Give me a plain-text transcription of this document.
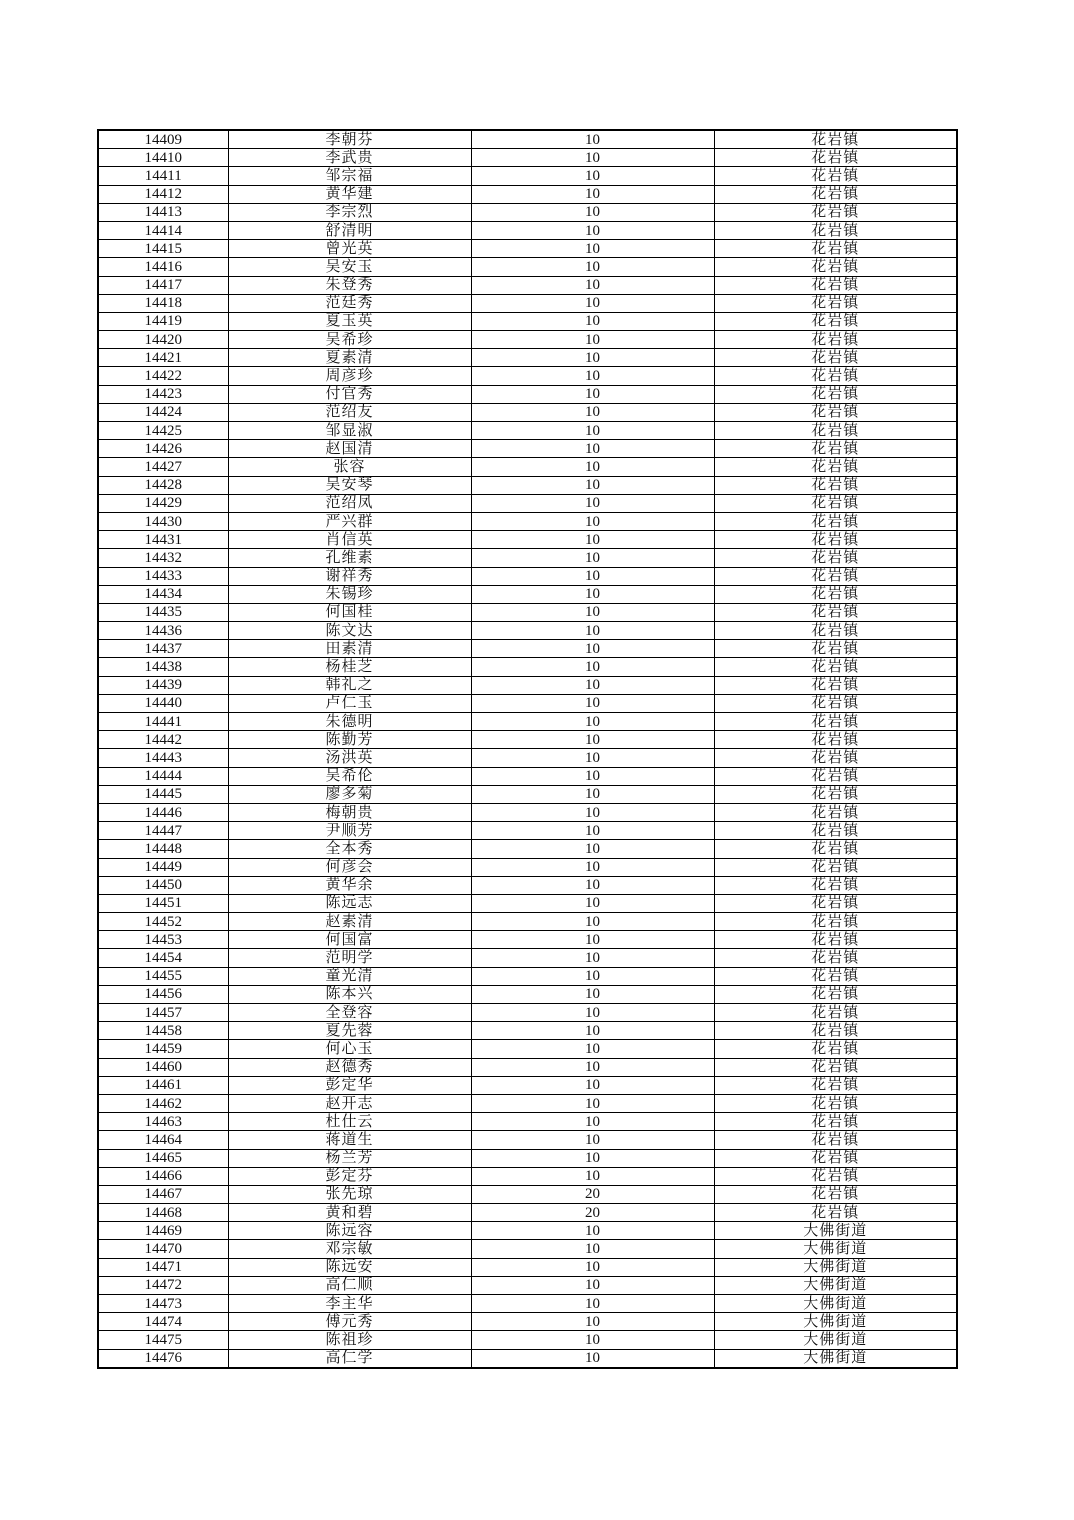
14409	李朝芬	10	花岩镇
14410	李武贵	10	花岩镇
14411	邹宗福	10	花岩镇
14412	黄华建	10	花岩镇
14413	李宗烈	10	花岩镇
14414	舒清明	10	花岩镇
14415	曾光英	10	花岩镇
14416	吴安玉	10	花岩镇
14417	朱登秀	10	花岩镇
14418	范廷秀	10	花岩镇
14419	夏玉英	10	花岩镇
14420	吴希珍	10	花岩镇
14421	夏素清	10	花岩镇
14422	周彦珍	10	花岩镇
14423	付官秀	10	花岩镇
14424	范绍友	10	花岩镇
14425	邹显淑	10	花岩镇
14426	赵国清	10	花岩镇
14427	张容	10	花岩镇
14428	吴安琴	10	花岩镇
14429	范绍凤	10	花岩镇
14430	严兴群	10	花岩镇
14431	肖信英	10	花岩镇
14432	孔维素	10	花岩镇
14433	谢祥秀	10	花岩镇
14434	朱锡珍	10	花岩镇
14435	何国桂	10	花岩镇
14436	陈文达	10	花岩镇
14437	田素清	10	花岩镇
14438	杨桂芝	10	花岩镇
14439	韩礼之	10	花岩镇
14440	卢仁玉	10	花岩镇
14441	朱德明	10	花岩镇
14442	陈勤芳	10	花岩镇
14443	汤洪英	10	花岩镇
14444	吴希伦	10	花岩镇
14445	廖多菊	10	花岩镇
14446	梅朝贵	10	花岩镇
14447	尹顺芳	10	花岩镇
14448	全本秀	10	花岩镇
14449	何彦会	10	花岩镇
14450	黄华余	10	花岩镇
14451	陈远志	10	花岩镇
14452	赵素清	10	花岩镇
14453	何国富	10	花岩镇
14454	范明学	10	花岩镇
14455	童光清	10	花岩镇
14456	陈本兴	10	花岩镇
14457	全登容	10	花岩镇
14458	夏先蓉	10	花岩镇
14459	何心玉	10	花岩镇
14460	赵德秀	10	花岩镇
14461	彭定华	10	花岩镇
14462	赵开志	10	花岩镇
14463	杜仕云	10	花岩镇
14464	蒋道生	10	花岩镇
14465	杨兰芳	10	花岩镇
14466	彭定芬	10	花岩镇
14467	张先琼	20	花岩镇
14468	黄和碧	20	花岩镇
14469	陈远容	10	大佛街道
14470	邓宗敏	10	大佛街道
14471	陈远安	10	大佛街道
14472	高仁顺	10	大佛街道
14473	李主华	10	大佛街道
14474	傅元秀	10	大佛街道
14475	陈祖珍	10	大佛街道
14476	高仁学	10	大佛街道
